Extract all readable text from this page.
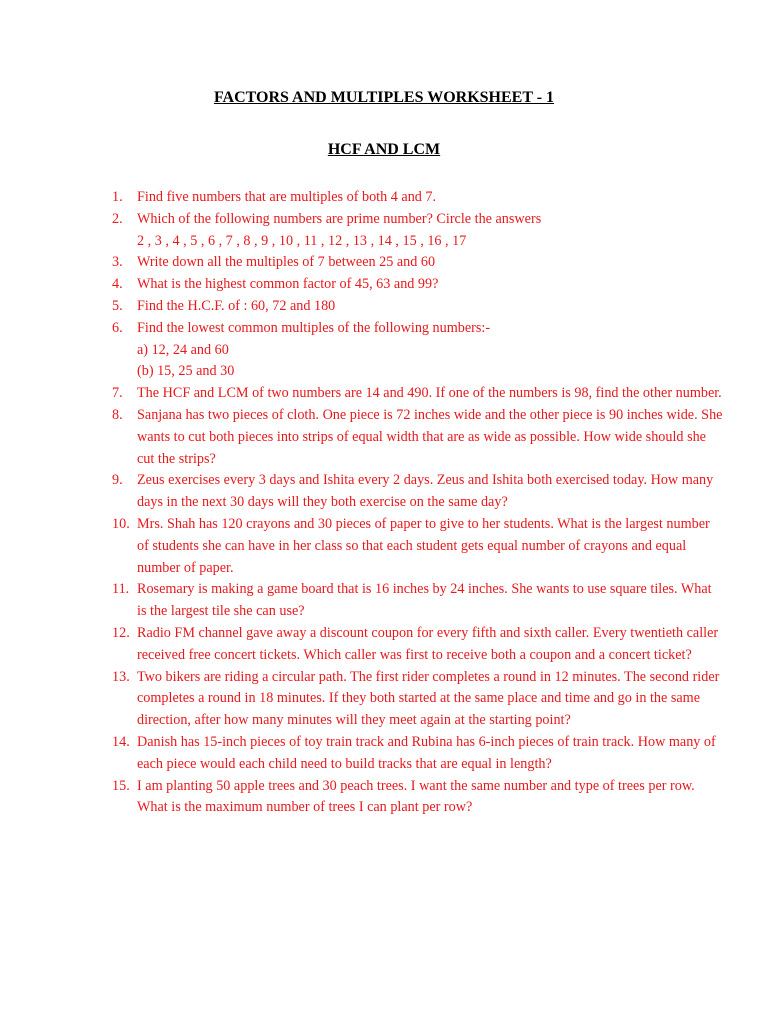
FACTORS AND MULTIPLES WORKSHEET - 1
HCF AND LCM
1.	Find five numbers that are multiples of both 4 and 7.
2.	Which of the following numbers are prime number? Circle the answers
2 , 3 , 4 , 5 , 6 , 7 , 8 , 9 , 10 , 11 , 12 , 13 , 14 , 15 , 16 , 17
3.	Write down all the multiples of 7 between 25 and 60
4.	What is the highest common factor of 45, 63 and 99?
5.	Find the H.C.F. of : 60, 72 and 180
6.	Find the lowest common multiples of the following numbers:-
a) 12, 24 and 60
(b) 15, 25 and 30
7.	The HCF and LCM of two numbers are 14 and 490. If one of the numbers is 98, find the other number.
8.	Sanjana has two pieces of cloth. One piece is 72 inches wide and the other piece is 90 inches wide. She wants to cut both pieces into strips of equal width that are as wide as possible. How wide should she cut the strips?
9.	Zeus exercises every 3 days and Ishita every 2 days. Zeus and Ishita both exercised today. How many days in the next 30 days will they both exercise on the same day?
10. Mrs. Shah has 120 crayons and 30 pieces of paper to give to her students. What is the largest number of students she can have in her class so that each student gets equal number of crayons and equal number of paper.
11. Rosemary is making a game board that is 16 inches by 24 inches. She wants to use square tiles. What is the largest tile she can use?
12. Radio FM channel gave away a discount coupon for every fifth and sixth caller. Every twentieth caller received free concert tickets. Which caller was first to receive both a coupon and a concert ticket?
13. Two bikers are riding a circular path. The first rider completes a round in 12 minutes. The second rider completes a round in 18 minutes. If they both started at the same place and time and go in the same direction, after how many minutes will they meet again at the starting point?
14. Danish has 15-inch pieces of toy train track and Rubina has 6-inch pieces of train track. How many of each piece would each child need to build tracks that are equal in length?
15. I am planting 50 apple trees and 30 peach trees. I want the same number and type of trees per row. What is the maximum number of trees I can plant per row?
